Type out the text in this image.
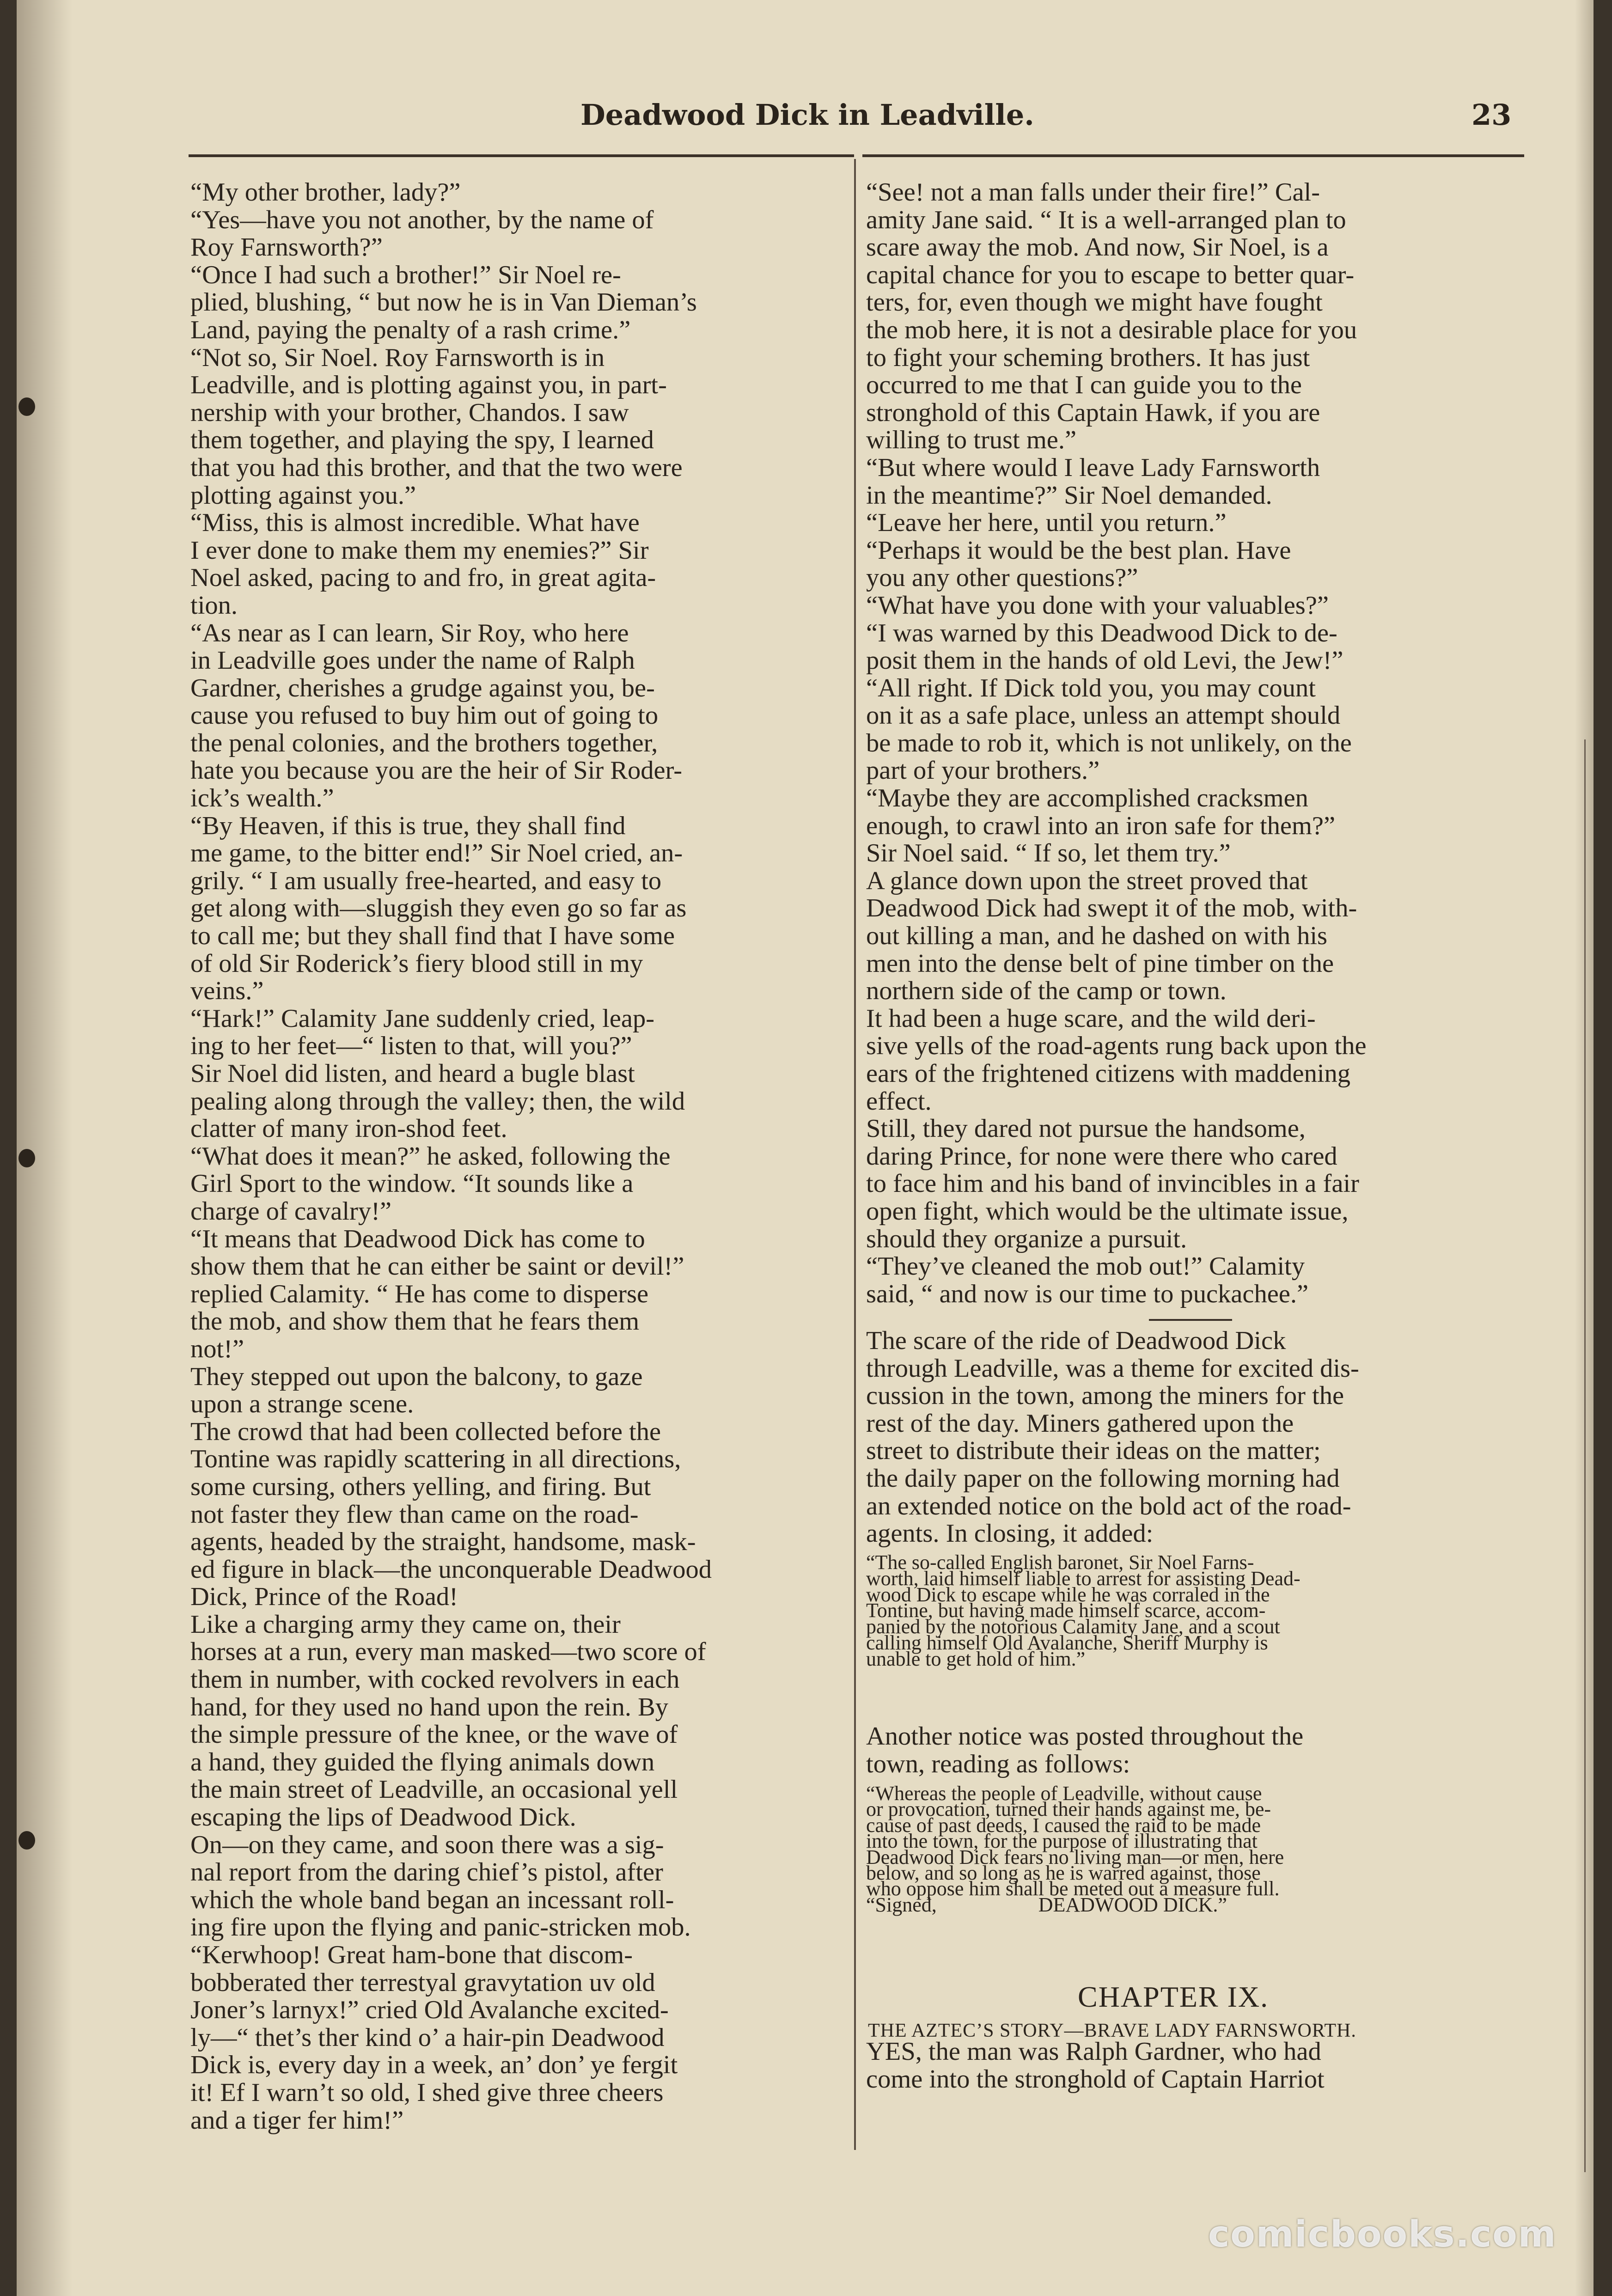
Deadwood Dick in Leadville.	23
“My other brother, lady?”
“Yes—have you not another, by the name of
Roy Farnsworth?”
“Once I had such a brother!” Sir Noel re-
plied, blushing, “ but now he is in Van Dieman’s
Land, paying the penalty of a rash crime.”
“Not so, Sir Noel. Roy Farnsworth is in
Leadville, and is plotting against you, in part-
nership with your brother, Chandos. I saw
them together, and playing the spy, I learned
that you had this brother, and that the two were
plotting against you.”
“Miss, this is almost incredible. What have
I ever done to make them my enemies?” Sir
Noel asked, pacing to and fro, in great agita-
tion.
“As near as I can learn, Sir Roy, who here
in Leadville goes under the name of Ralph
Gardner, cherishes a grudge against you, be-
cause you refused to buy him out of going to
the penal colonies, and the brothers together,
hate you because you are the heir of Sir Roder-
ick’s wealth.”
“By Heaven, if this is true, they shall find
me game, to the bitter end!” Sir Noel cried, an-
grily. “ I am usually free-hearted, and easy to
get along with—sluggish they even go so far as
to call me; but they shall find that I have some
of old Sir Roderick’s fiery blood still in my
veins.”
“Hark!” Calamity Jane suddenly cried, leap-
ing to her feet—“ listen to that, will you?”
Sir Noel did listen, and heard a bugle blast
pealing along through the valley; then, the wild
clatter of many iron-shod feet.
“What does it mean?” he asked, following the
Girl Sport to the window. “It sounds like a
charge of cavalry!”
“It means that Deadwood Dick has come to
show them that he can either be saint or devil!”
replied Calamity. “ He has come to disperse
the mob, and show them that he fears them
not!”
They stepped out upon the balcony, to gaze
upon a strange scene.
The crowd that had been collected before the
Tontine was rapidly scattering in all directions,
some cursing, others yelling, and firing. But
not faster they flew than came on the road-
agents, headed by the straight, handsome, mask-
ed figure in black—the unconquerable Deadwood
Dick, Prince of the Road!
Like a charging army they came on, their
horses at a run, every man masked—two score of
them in number, with cocked revolvers in each
hand, for they used no hand upon the rein. By
the simple pressure of the knee, or the wave of
a hand, they guided the flying animals down
the main street of Leadville, an occasional yell
escaping the lips of Deadwood Dick.
On—on they came, and soon there was a sig-
nal report from the daring chief’s pistol, after
which the whole band began an incessant roll-
ing fire upon the flying and panic-stricken mob.
“Kerwhoop! Great ham-bone that discom-
bobberated ther terrestyal gravytation uv old
Joner’s larnyx!” cried Old Avalanche excited-
ly—“ thet’s ther kind o’ a hair-pin Deadwood
Dick is, every day in a week, an’ don’ ye fergit
it! Ef I warn’t so old, I shed give three cheers
and a tiger fer him!”
“See! not a man falls under their fire!” Cal-
amity Jane said. “ It is a well-arranged plan to
scare away the mob. And now, Sir Noel, is a
capital chance for you to escape to better quar-
ters, for, even though we might have fought
the mob here, it is not a desirable place for you
to fight your scheming brothers. It has just
occurred to me that I can guide you to the
stronghold of this Captain Hawk, if you are
willing to trust me.”
“But where would I leave Lady Farnsworth
in the meantime?” Sir Noel demanded.
“Leave her here, until you return.”
“Perhaps it would be the best plan. Have
you any other questions?”
“What have you done with your valuables?”
“I was warned by this Deadwood Dick to de-
posit them in the hands of old Levi, the Jew!”
“All right. If Dick told you, you may count
on it as a safe place, unless an attempt should
be made to rob it, which is not unlikely, on the
part of your brothers.”
“Maybe they are accomplished cracksmen
enough, to crawl into an iron safe for them?”
Sir Noel said. “ If so, let them try.”
A glance down upon the street proved that
Deadwood Dick had swept it of the mob, with-
out killing a man, and he dashed on with his
men into the dense belt of pine timber on the
northern side of the camp or town.
It had been a huge scare, and the wild deri-
sive yells of the road-agents rung back upon the
ears of the frightened citizens with maddening
effect.
Still, they dared not pursue the handsome,
daring Prince, for none were there who cared
to face him and his band of invincibles in a fair
open fight, which would be the ultimate issue,
should they organize a pursuit.
“They’ve cleaned the mob out!” Calamity
said, “ and now is our time to puckachee.”
The scare of the ride of Deadwood Dick
through Leadville, was a theme for excited dis-
cussion in the town, among the miners for the
rest of the day. Miners gathered upon the
street to distribute their ideas on the matter;
the daily paper on the following morning had
an extended notice on the bold act of the road-
agents. In closing, it added:
“The so-called English baronet, Sir Noel Farns-
worth, laid himself liable to arrest for assisting Dead-
wood Dick to escape while he was corraled in the
Tontine, but having made himself scarce, accom-
panied by the notorious Calamity Jane, and a scout
calling himself Old Avalanche, Sheriff Murphy is
unable to get hold of him.”
Another notice was posted throughout the
town, reading as follows:
“Whereas the people of Leadville, without cause
or provocation, turned their hands against me, be-
cause of past deeds, I caused the raid to be made
into the town, for the purpose of illustrating that
Deadwood Dick fears no living man—or men, here
below, and so long as he is warred against, those
who oppose him shall be meted out a measure full.
“Signed,                    DEADWOOD DICK.”
CHAPTER IX.
THE AZTEC’S STORY—BRAVE LADY FARNSWORTH.
YES, the man was Ralph Gardner, who had
come into the stronghold of Captain Harriot
comicbooks.com
